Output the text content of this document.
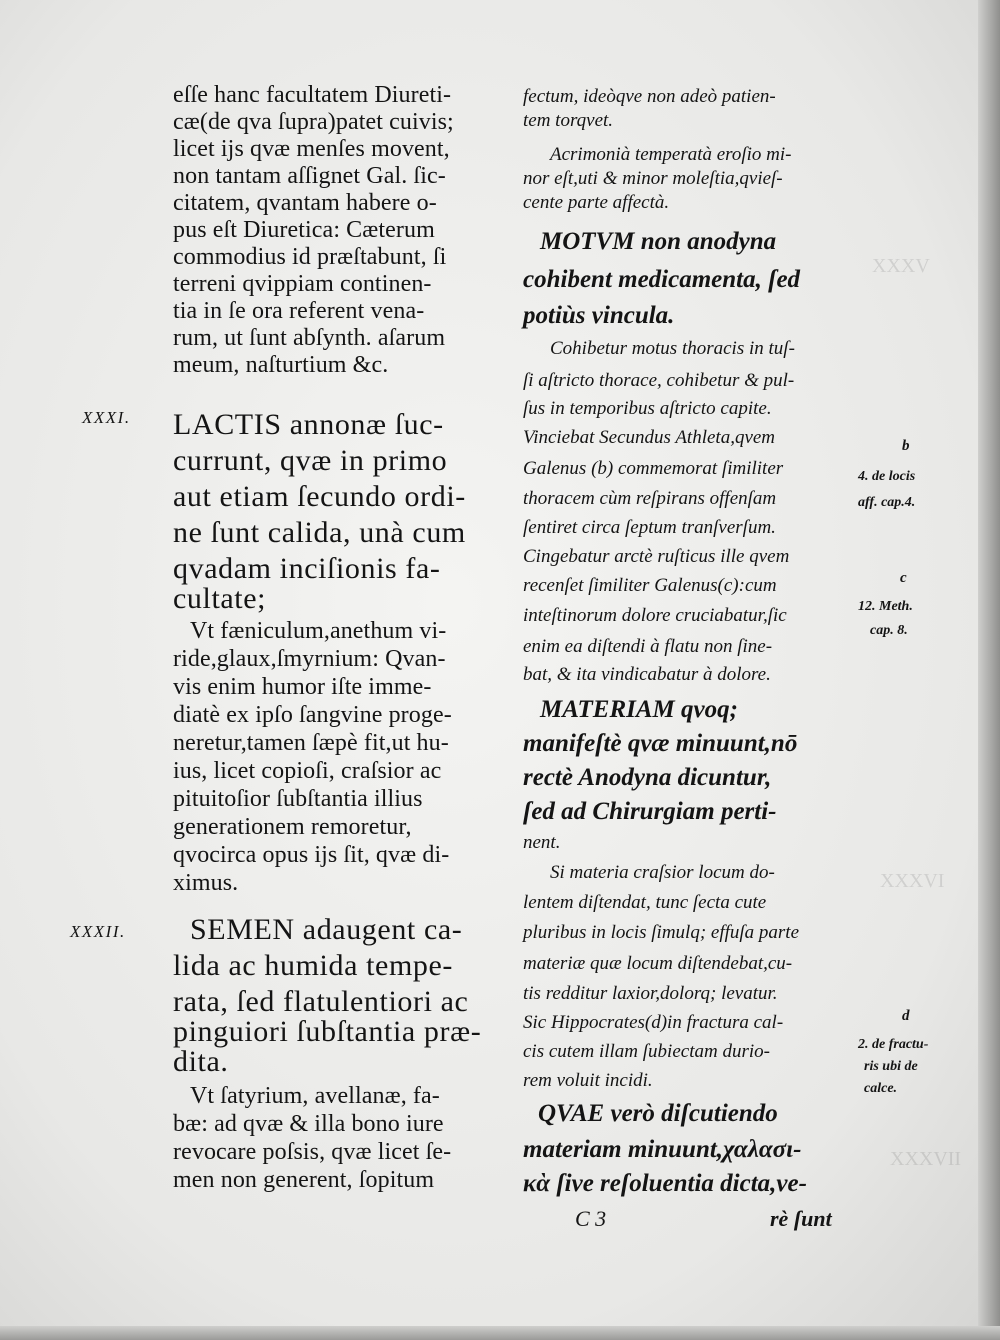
XXXV
XXXVI
XXXVII
eſſe hanc facultatem Diureti-
cæ(de qva ſupra)patet cuivis;
licet ijs qvæ menſes movent,
non tantam aſſignet Gal. ſic-
citatem, qvantam habere o-
pus eſt Diuretica: Cæterum
commodius id præſtabunt, ſi
terreni qvippiam continen-
tia in ſe ora referent vena-
rum, ut ſunt abſynth. aſarum
meum, naſturtium &c.
XXXI. LACTIS annonæ ſuc-
currunt, qvæ in primo
aut etiam ſecundo ordi-
ne ſunt calida, unà cum
qvadam inciſionis fa-
cultate;
Vt fæniculum,anethum vi-
ride,glaux,ſmyrnium: Qvan-
vis enim humor iſte imme-
diatè ex ipſo ſangvine proge-
neretur,tamen ſæpè fit,ut hu-
ius, licet copioſi, craſsior ac
pituitoſior ſubſtantia illius
generationem remoretur,
qvocirca opus ijs ſit, qvæ di-
ximus.
XXXII. SEMEN adaugent ca-
lida ac humida tempe-
rata, ſed flatulentiori ac
pinguiori ſubſtantia præ-
dita.
Vt ſatyrium, avellanæ, fa-
bæ: ad qvæ & illa bono iure
revocare poſsis, qvæ licet ſe-
men non generent, ſopitum
fectum, ideòqve non adeò patien-
tem torqvet.
Acrimonià temperatà eroſio mi-
nor eſt,uti & minor moleſtia,qvieſ-
cente parte affectà.
MOTVM non anodyna
cohibent medicamenta, ſed
potiùs vincula.
Cohibetur motus thoracis in tuſ-
ſi aſtricto thorace, cohibetur & pul-
ſus in temporibus aſtricto capite.
Vinciebat Secundus Athleta,qvem
Galenus (b) commemorat ſimiliter
thoracem cùm reſpirans offenſam
ſentiret circa ſeptum tranſverſum.
Cingebatur arctè ruſticus ille qvem
recenſet ſimiliter Galenus(c):cum
inteſtinorum dolore cruciabatur,ſic
enim ea diſtendi à flatu non ſine-
bat, & ita vindicabatur à dolore.
MATERIAM qvoq;
manifeſtè qvæ minuunt,nō
rectè Anodyna dicuntur,
ſed ad Chirurgiam perti-
nent.
Si materia craſsior locum do-
lentem diſtendat, tunc ſecta cute
pluribus in locis ſimulq; effuſa parte
materiæ quæ locum diſtendebat,cu-
tis redditur laxior,dolorq; levatur.
Sic Hippocrates(d)in fractura cal-
cis cutem illam ſubiectam durio-
rem voluit incidi.
QVAE verò diſcutiendo
materiam minuunt,χαλασι-
κὰ ſive reſoluentia dicta,ve-
b
4. de locis
aff. cap.4.
c
12. Meth.
cap. 8.
d
2. de fractu-
ris ubi de
calce.
C 3	rè ſunt
